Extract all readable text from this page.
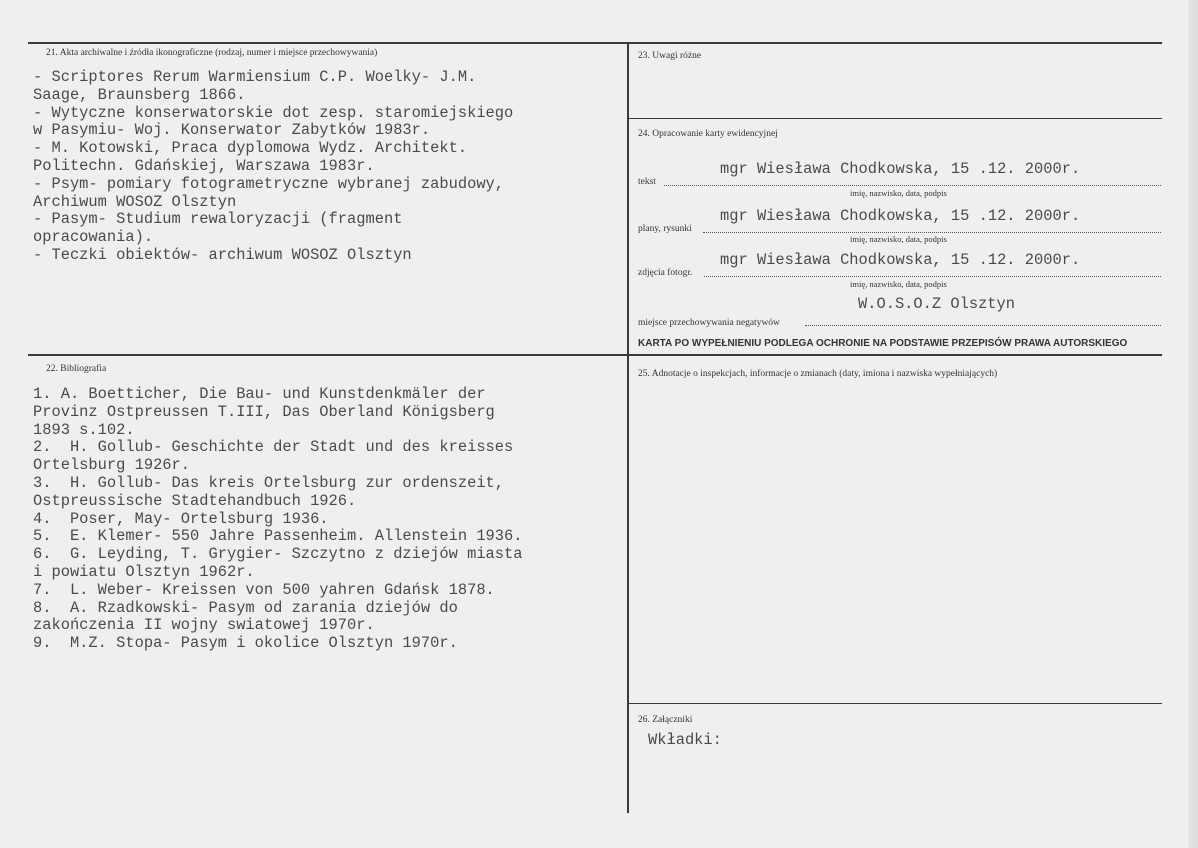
21. Akta archiwalne i źródła ikonograficzne (rodzaj, numer i miejsce przechowywania)
- Scriptores Rerum Warmiensium C.P. Woelky- J.M.
Saage, Braunsberg 1866.
- Wytyczne konserwatorskie dot zesp. staromiejskiego
w Pasymiu- Woj. Konserwator Zabytków 1983r.
- M. Kotowski, Praca dyplomowa Wydz. Architekt.
Politechn. Gdańskiej, Warszawa 1983r.
- Psym- pomiary fotogrametryczne wybranej zabudowy,
Archiwum WOSOZ Olsztyn
- Pasym- Studium rewaloryzacji (fragment
opracowania).
- Teczki obiektów- archiwum WOSOZ Olsztyn
22. Bibliografia
1. A. Boetticher, Die Bau- und Kunstdenkmäler der
Provinz Ostpreussen T.III, Das Oberland Königsberg
1893 s.102.
2.  H. Gollub- Geschichte der Stadt und des kreisses
Ortelsburg 1926r.
3.  H. Gollub- Das kreis Ortelsburg zur ordenszeit,
Ostpreussische Stadtehandbuch 1926.
4.  Poser, May- Ortelsburg 1936.
5.  E. Klemer- 550 Jahre Passenheim. Allenstein 1936.
6.  G. Leyding, T. Grygier- Szczytno z dziejów miasta
i powiatu Olsztyn 1962r.
7.  L. Weber- Kreissen von 500 yahren Gdańsk 1878.
8.  A. Rzadkowski- Pasym od zarania dziejów do
zakończenia II wojny swiatowej 1970r.
9.  M.Z. Stopa- Pasym i okolice Olsztyn 1970r.
23. Uwagi różne
24. Opracowanie karty ewidencyjnej
mgr Wiesława Chodkowska, 15 .12. 2000r.
tekst
imię, nazwisko, data, podpis
mgr Wiesława Chodkowska, 15 .12. 2000r.
plany, rysunki
imię, nazwisko, data, podpis
mgr Wiesława Chodkowska, 15 .12. 2000r.
zdjęcia fotogr.
imię, nazwisko, data, podpis
W.O.S.O.Z Olsztyn
miejsce przechowywania negatywów
KARTA PO WYPEŁNIENIU PODLEGA OCHRONIE NA PODSTAWIE PRZEPISÓW PRAWA AUTORSKIEGO
25. Adnotacje o inspekcjach, informacje o zmianach (daty, imiona i nazwiska wypełniających)
26. Załączniki
Wkładki:
